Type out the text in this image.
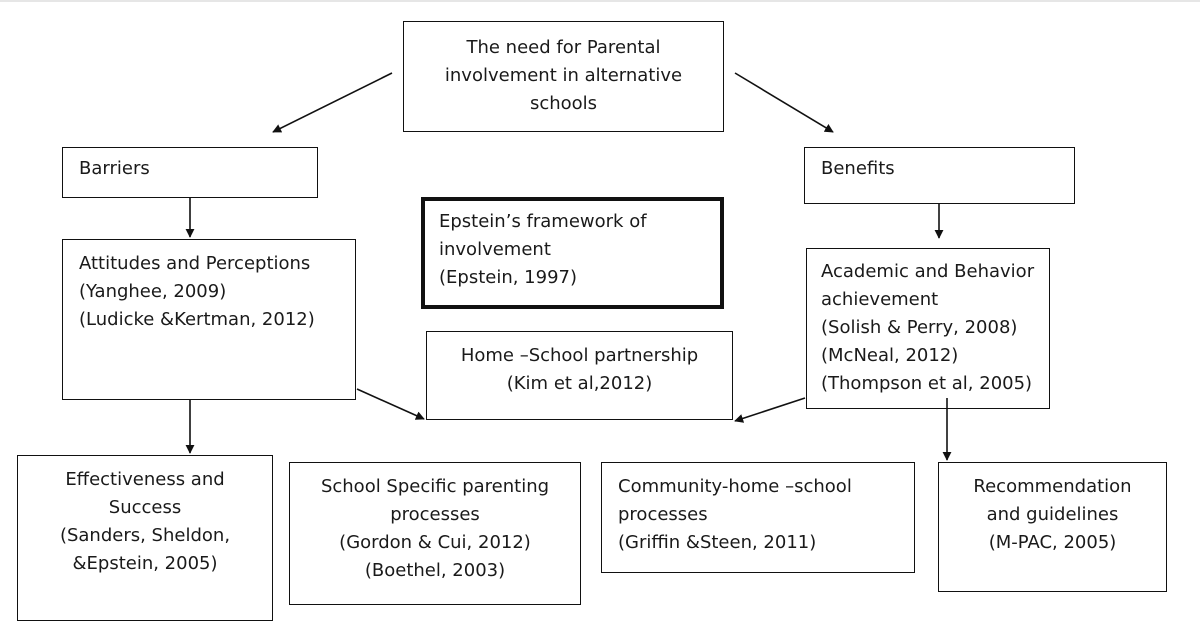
The need for Parental
involvement in alternative
schools
Barriers	Benefits
Epstein’s framework of
involvement
(Epstein, 1997)
Attitudes and Perceptions
(Yanghee, 2009)
(Ludicke &Kertman, 2012)
Academic and Behavior
achievement
(Solish & Perry, 2008)
(McNeal, 2012)
(Thompson et al, 2005)
Home –School partnership
(Kim et al,2012)
Effectiveness and
Success
(Sanders, Sheldon,
&Epstein, 2005)
School Specific parenting
processes
(Gordon & Cui, 2012)
(Boethel, 2003)
Community-home –school
processes
(Griffin &Steen, 2011)
Recommendation
and guidelines
(M-PAC, 2005)
